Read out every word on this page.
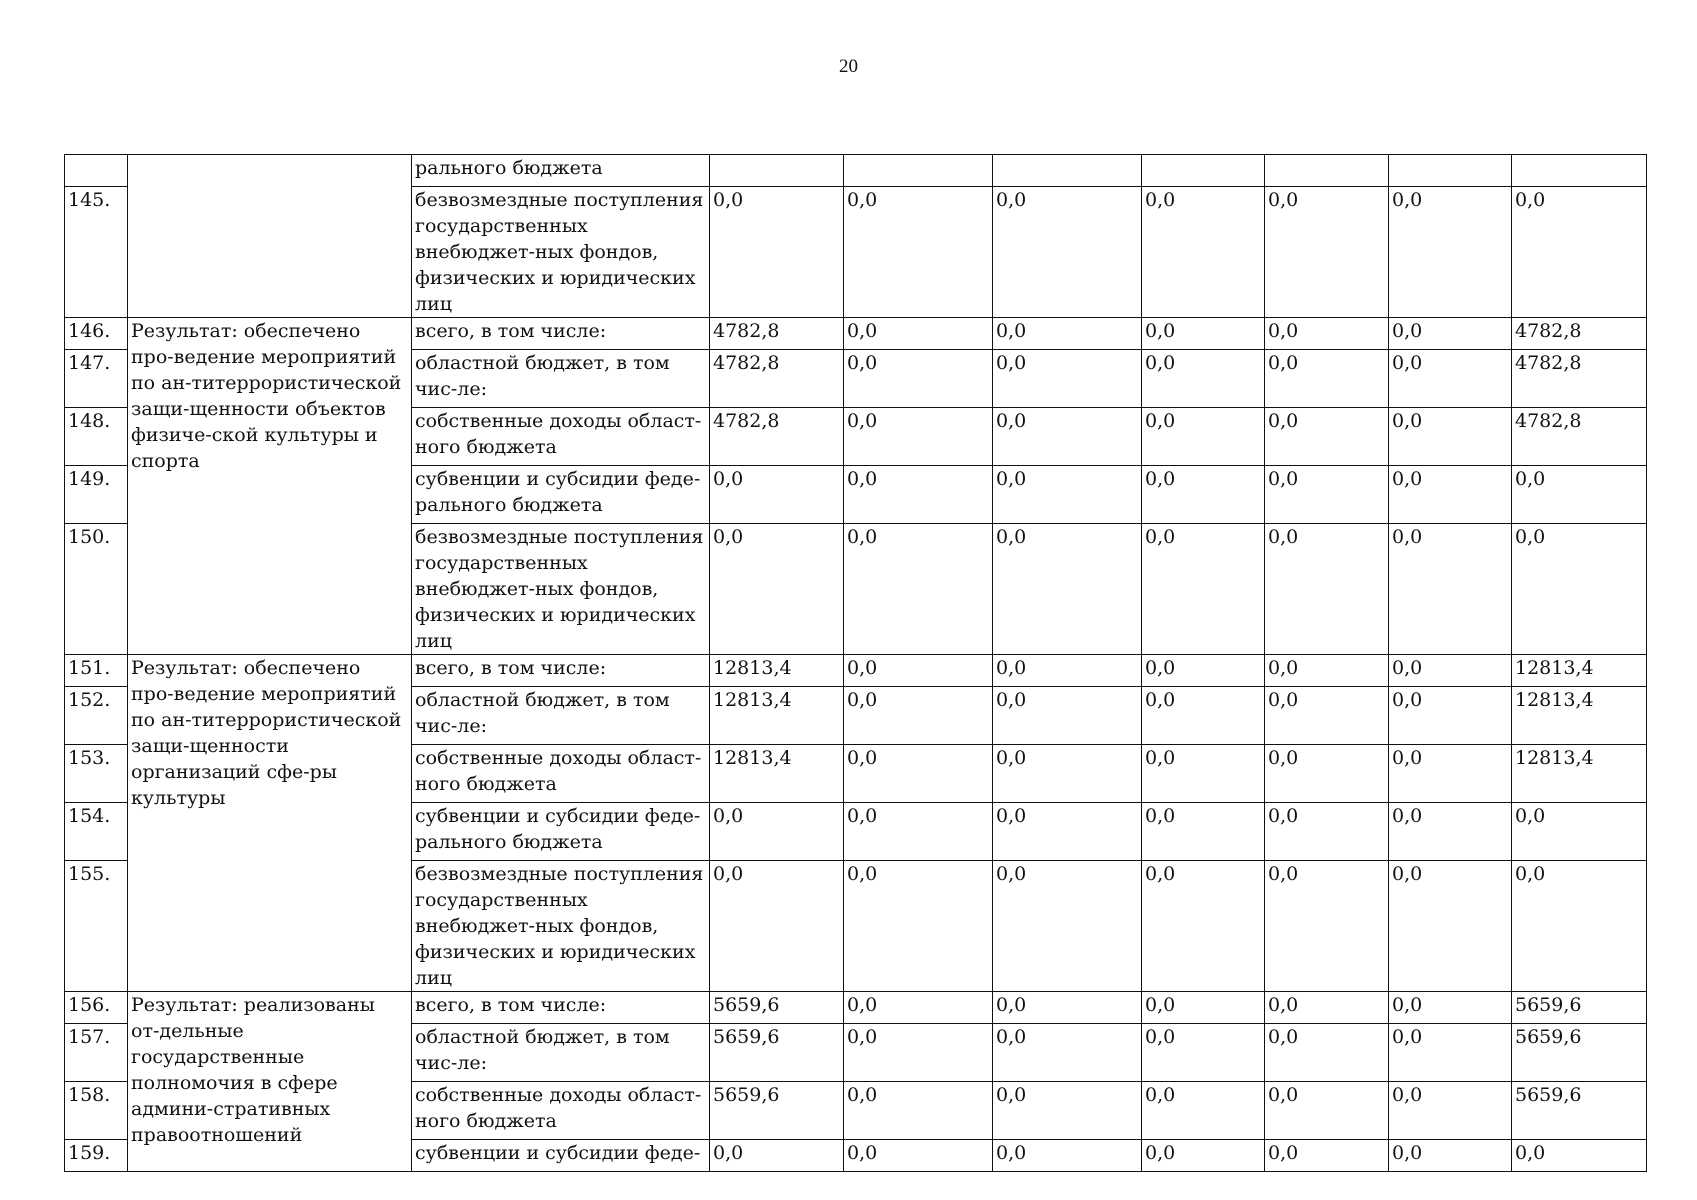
20
		рального бюджета							
145.		безвозмездные поступления государственных внебюджет-ных фондов, физических и юридических лиц	0,0	0,0	0,0	0,0	0,0	0,0	0,0
146.	Результат: обеспечено про-ведение мероприятий по ан-титеррористической защи-щенности объектов физиче-ской культуры и спорта	всего, в том числе:	4782,8	0,0	0,0	0,0	0,0	0,0	4782,8
147.		областной бюджет, в том чис-ле:	4782,8	0,0	0,0	0,0	0,0	0,0	4782,8
148.		собственные доходы област-ного бюджета	4782,8	0,0	0,0	0,0	0,0	0,0	4782,8
149.		субвенции и субсидии феде-рального бюджета	0,0	0,0	0,0	0,0	0,0	0,0	0,0
150.		безвозмездные поступления государственных внебюджет-ных фондов, физических и юридических лиц	0,0	0,0	0,0	0,0	0,0	0,0	0,0
151.	Результат: обеспечено про-ведение мероприятий по ан-титеррористической защи-щенности организаций сфе-ры культуры	всего, в том числе:	12813,4	0,0	0,0	0,0	0,0	0,0	12813,4
152.		областной бюджет, в том чис-ле:	12813,4	0,0	0,0	0,0	0,0	0,0	12813,4
153.		собственные доходы област-ного бюджета	12813,4	0,0	0,0	0,0	0,0	0,0	12813,4
154.		субвенции и субсидии феде-рального бюджета	0,0	0,0	0,0	0,0	0,0	0,0	0,0
155.		безвозмездные поступления государственных внебюджет-ных фондов, физических и юридических лиц	0,0	0,0	0,0	0,0	0,0	0,0	0,0
156.	Результат: реализованы от-дельные государственные полномочия в сфере админи-стративных правоотношений	всего, в том числе:	5659,6	0,0	0,0	0,0	0,0	0,0	5659,6
157.		областной бюджет, в том чис-ле:	5659,6	0,0	0,0	0,0	0,0	0,0	5659,6
158.		собственные доходы област-ного бюджета	5659,6	0,0	0,0	0,0	0,0	0,0	5659,6
159.		субвенции и субсидии феде-	0,0	0,0	0,0	0,0	0,0	0,0	0,0
